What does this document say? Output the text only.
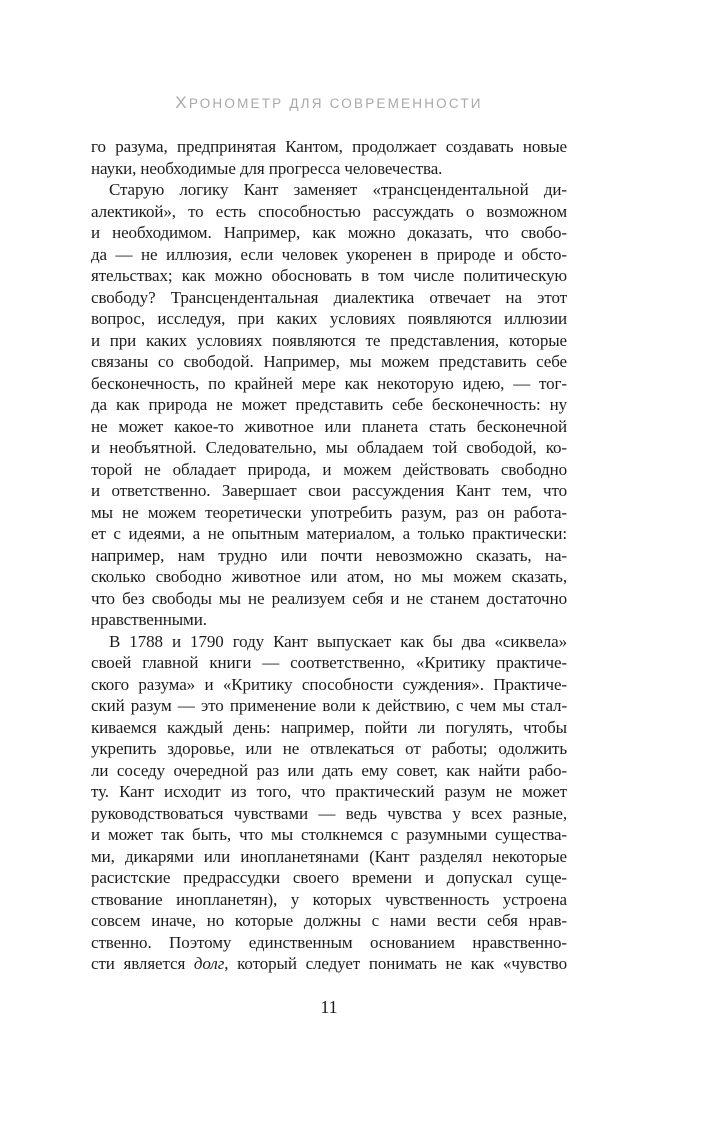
ХРОНОМЕТР ДЛЯ СОВРЕМЕННОСТИ
го разума, предпринятая Кантом, продолжает создавать новые
науки, необходимые для прогресса человечества.
Старую логику Кант заменяет «трансцендентальной ди-
алектикой», то есть способностью рассуждать о возможном
и необходимом. Например, как можно доказать, что свобо-
да — не иллюзия, если человек укоренен в природе и обсто-
ятельствах; как можно обосновать в том числе политическую
свободу? Трансцендентальная диалектика отвечает на этот
вопрос, исследуя, при каких условиях появляются иллюзии
и при каких условиях появляются те представления, которые
связаны со свободой. Например, мы можем представить себе
бесконечность, по крайней мере как некоторую идею, — тог-
да как природа не может представить себе бесконечность: ну
не может какое-то животное или планета стать бесконечной
и необъятной. Следовательно, мы обладаем той свободой, ко-
торой не обладает природа, и можем действовать свободно
и ответственно. Завершает свои рассуждения Кант тем, что
мы не можем теоретически употребить разум, раз он работа-
ет с идеями, а не опытным материалом, а только практически:
например, нам трудно или почти невозможно сказать, на-
сколько свободно животное или атом, но мы можем сказать,
что без свободы мы не реализуем себя и не станем достаточно
нравственными.
В 1788 и 1790 году Кант выпускает как бы два «сиквела»
своей главной книги — соответственно, «Критику практиче-
ского разума» и «Критику способности суждения». Практиче-
ский разум — это применение воли к действию, с чем мы стал-
киваемся каждый день: например, пойти ли погулять, чтобы
укрепить здоровье, или не отвлекаться от работы; одолжить
ли соседу очередной раз или дать ему совет, как найти рабо-
ту. Кант исходит из того, что практический разум не может
руководствоваться чувствами — ведь чувства у всех разные,
и может так быть, что мы столкнемся с разумными существа-
ми, дикарями или инопланетянами (Кант разделял некоторые
расистские предрассудки своего времени и допускал суще-
ствование инопланетян), у которых чувственность устроена
совсем иначе, но которые должны с нами вести себя нрав-
ственно. Поэтому единственным основанием нравственно-
сти является долг, который следует понимать не как «чувство
11
